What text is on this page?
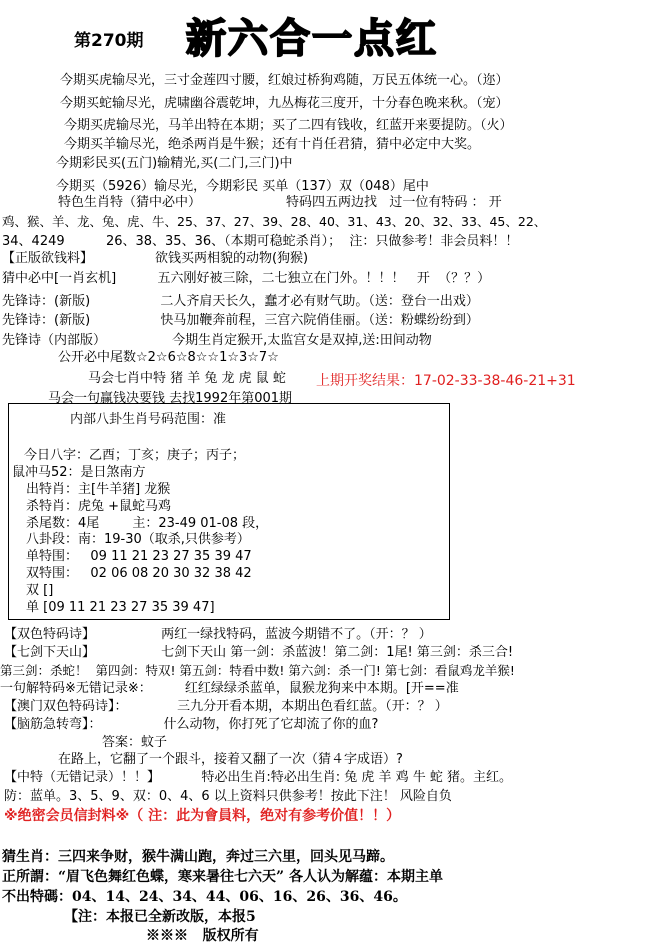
第270期 新六合一点红
今期买虎输尽光，三寸金莲四寸腰，红娘过桥狗鸡随，万民五体统一心。（迩）
今期买蛇输尽光，虎啸幽谷震乾坤，九丛梅花三度开，十分春色晚来秋。（宠）
今期买虎输尽光，马羊出特在本期；买了二四有钱收，红蓝开来要提防。（火）
今期买羊输尽光，绝杀两肖是牛猴；还有十肖任君猜，猜中必定中大奖。
今期彩民买(五门)输精光,买(二门,三门)中
今期买（5926）输尽光，今期彩民 买单（137）双（048）尾中
特色生肖特（猜中必中）	特码四五两边找   过一位有特码 ： 开
鸡、猴、羊、龙、兔、虎、牛、25、37、27、39、28、40、31、43、20、32、33、45、22、
34、4249          26、38、35、36、（本期可稳蛇杀肖）；  注：只做参考！非会员料！！
【正版欲钱料】               欲钱买两相貌的动物(狗猴)
猜中必中[一肖玄机]          五六刚好被三除，二七独立在门外。！！！   开  （？？）
先锋诗：(新版)                 二人齐肩天长久，蠢才必有财气助。（送：登台一出戏）
先锋诗：(新版)                 快马加鞭奔前程，三宫六院俏佳丽。（送：粉蝶纷纷到）
先锋诗（内部版）                今期生肖定猴开,太监宫女是双掉,送:田间动物
公开必中尾数☆2☆6☆8☆☆1☆3☆7☆
马会七肖中特 猪 羊 兔 龙 虎 鼠 蛇 上期开奖结果：17-02-33-38-46-21+31
马会一句赢钱决要钱 去找1992年第001期
内部八卦生肖号码范围：准
今日八字：乙酉；丁亥；庚子；丙子；
鼠冲马52：是日煞南方
出特肖：主[牛羊猪] 龙猴
杀特肖：虎兔 +鼠蛇马鸡
杀尾数：4尾        主：23-49 01-08 段，
八卦段：南：19-30（取杀,只供参考）
单特围：   09 11 21 23 27 35 39 47
双特围：   02 06 08 20 30 32 38 42
双 []
单 [09 11 21 23 27 35 39 47]
【双色特码诗】                两红一绿找特码，蓝波今期错不了。（开：？ ）
【七剑下天山】                七剑下天山 第一剑：杀蓝波！第二剑：1尾! 第三剑：杀三合!
第三剑：杀蛇！  第四剑：特双! 第五剑：特看中数! 第六剑：杀一门! 第七剑：看鼠鸡龙羊猴!
一句解特码※无错记录※：        红红绿绿杀蓝单，鼠猴龙狗来中本期。[开==准
【澳门双色特码诗】：            三九分开看本期，本期出色看红蓝。（开：？ ）
【脑筋急转弯】：               什么动物，你打死了它却流了你的血?
答案：蚊子
在路上，它翻了一个跟斗，接着又翻了一次（猜４字成语）?
【中特（无错记录）！！】          特必出生肖:特必出生肖: 兔 虎 羊 鸡 牛 蛇 猪。主红。
防：蓝单。3、5、9、双：0、4、6 以上资料只供参考！按此下注！ 风险自负
※绝密会员信封料※（ 注：此为會員料，绝对有参考价值！！）
猜生肖：三四来争财，猴牛满山跑，奔过三六里，回头见马蹄。
正所謂：“眉飞色舞红色蝶，寒来暑往七六天” 各人认为解蕴：本期主单
不出特碼：04、14、24、34、44、06、16、26、36、46。
【注：本报已全新改版，本报5
※※※   版权所有
